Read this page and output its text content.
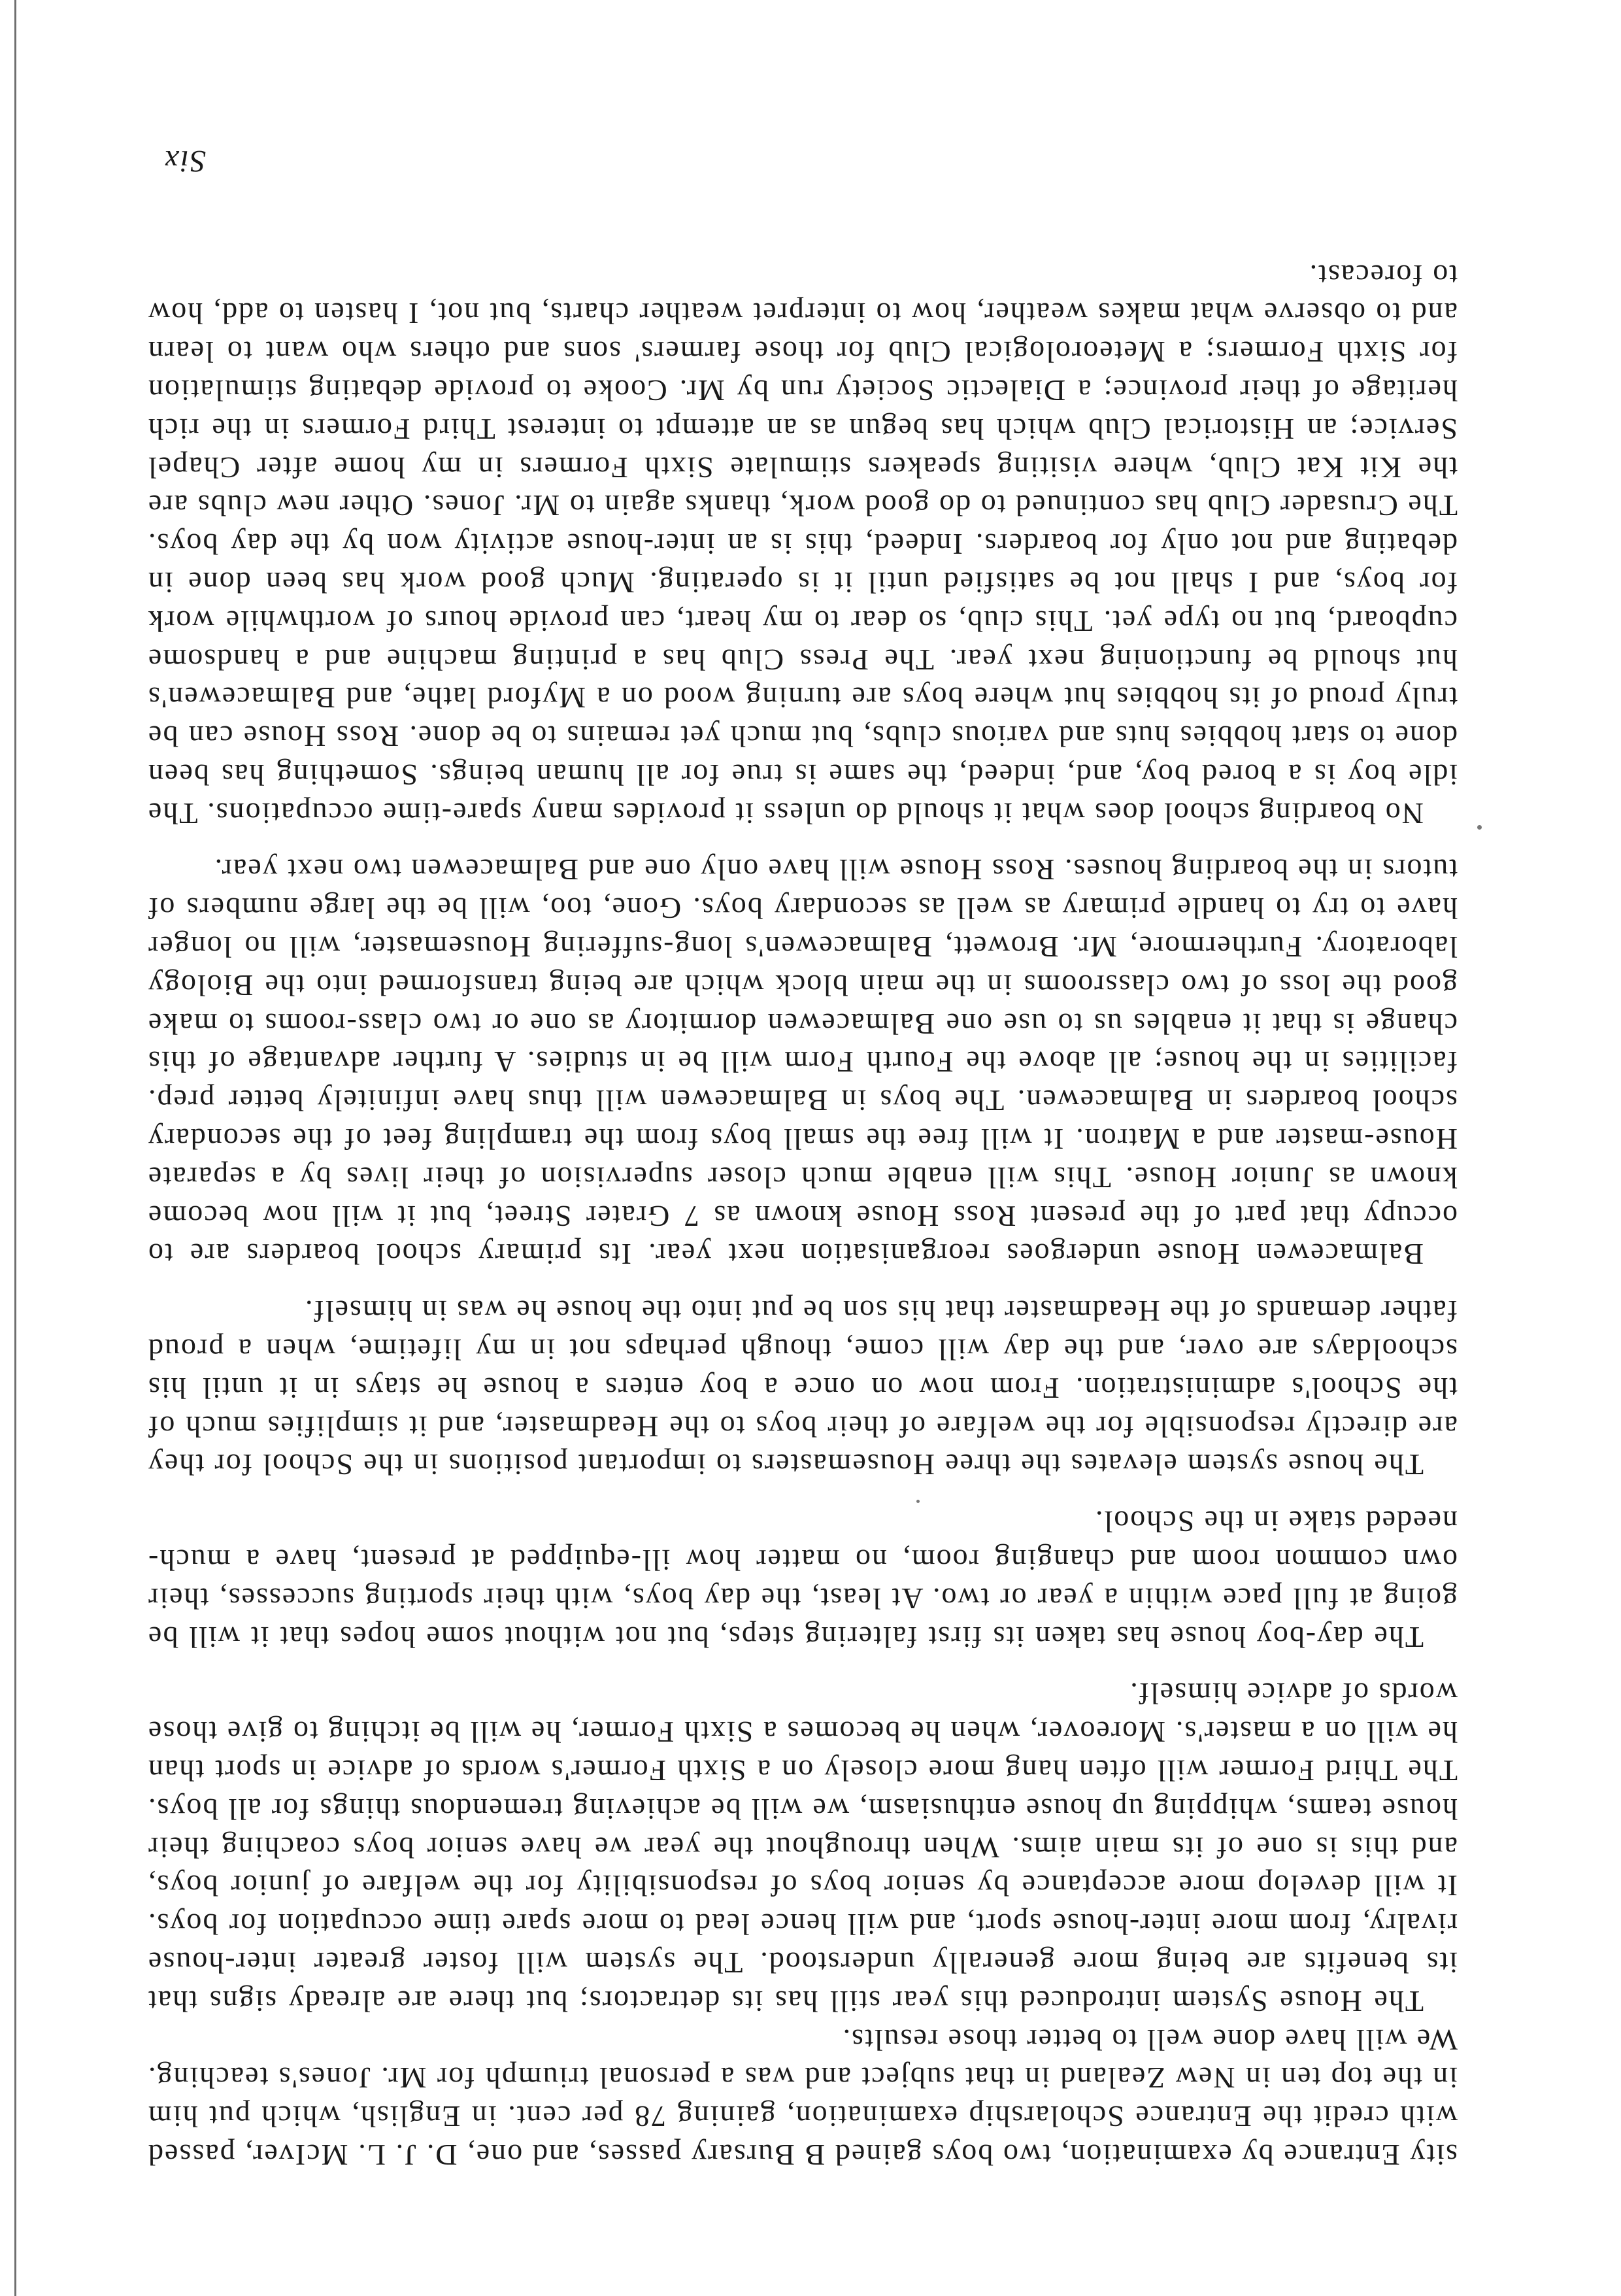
sity Entrance by examination, two boys gained B Bursary passes, and one, D. J. L. McIver, passed with credit the Entrance Scholarship examination, gaining 78 per cent. in English, which put him in the top ten in New Zealand in that subject and was a personal triumph for Mr. Jones's teaching. We will have done well to better those results.

The House System introduced this year still has its detractors; but there are already signs that its benefits are being more generally understood. The system will foster greater inter-house rivalry, from more inter-house sport, and will hence lead to more spare time occupation for boys. It will develop more acceptance by senior boys of responsibility for the welfare of junior boys, and this is one of its main aims. When throughout the year we have senior boys coaching their house teams, whipping up house enthusiasm, we will be achieving tremendous things for all boys. The Third Former will often hang more closely on a Sixth Former's words of advice in sport than he will on a master's. Moreover, when he becomes a Sixth Former, he will be itching to give those words of advice himself.

The day-boy house has taken its first faltering steps, but not without some hopes that it will be going at full pace within a year or two. At least, the day boys, with their sporting successes, their own common room and changing room, no matter how ill-equipped at present, have a much-needed stake in the School.

The house system elevates the three Housemasters to important positions in the School for they are directly responsible for the welfare of their boys to the Headmaster, and it simplifies much of the School's administration. From now on once a boy enters a house he stays in it until his schooldays are over, and the day will come, though perhaps not in my lifetime, when a proud father demands of the Headmaster that his son be put into the house he was in himself.

Balmacewen House undergoes reorganisation next year. Its primary school boarders are to occupy that part of the present Ross House known as 7 Grater Street, but it will now become known as Junior House. This will enable much closer supervision of their lives by a separate House-master and a Matron. It will free the small boys from the trampling feet of the secondary school boarders in Balmacewen. The boys in Balmacewen will thus have infinitely better prep. facilities in the house; all above the Fourth Form will be in studies. A further advantage of this change is that it enables us to use one Balmacewen dormitory as one or two class-rooms to make good the loss of two classrooms in the main block which are being transformed into the Biology laboratory. Furthermore, Mr. Browett, Balmacewen's long-suffering Housemaster, will no longer have to try to handle primary as well as secondary boys. Gone, too, will be the large numbers of tutors in the boarding houses. Ross House will have only one and Balmacewen two next year.

No boarding school does what it should do unless it provides many spare-time occupations. The idle boy is a bored boy, and, indeed, the same is true for all human beings. Something has been done to start hobbies huts and various clubs, but much yet remains to be done. Ross House can be truly proud of its hobbies hut where boys are turning wood on a Myford lathe, and Balmacewen's hut should be functioning next year. The Press Club has a printing machine and a handsome cupboard, but no type yet. This club, so dear to my heart, can provide hours of worthwhile work for boys, and I shall not be satisfied until it is operating. Much good work has been done in debating and not only for boarders. Indeed, this is an inter-house activity won by the day boys. The Crusader Club has continued to do good work, thanks again to Mr. Jones. Other new clubs are the Kit Kat Club, where visiting speakers stimulate Sixth Formers in my home after Chapel Service; an Historical Club which has begun as an attempt to interest Third Formers in the rich heritage of their province; a Dialectic Society run by Mr. Cooke to provide debating stimulation for Sixth Formers; a Meteorological Club for those farmers' sons and others who want to learn and to observe what makes weather, how to interpret weather charts, but not, I hasten to add, how to forecast.

Six
